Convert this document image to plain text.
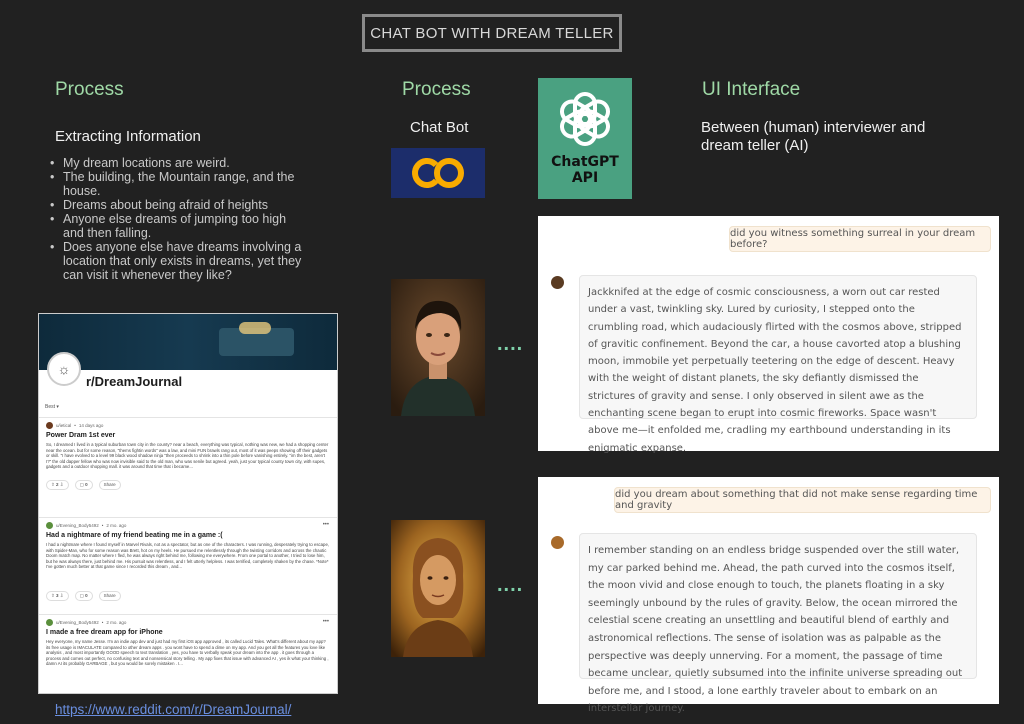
CHAT BOT WITH DREAM TELLER
Process
Extracting Information
• My dream locations are weird.
• The building, the Mountain range, and the house.
• Dreams about being afraid of heights
• Anyone else dreams of jumping too high and then falling.
• Does anyone else have dreams involving a location that only exists in dreams, yet they can visit it whenever they like?
☼
r/DreamJournal
Best ▾
u/ietical • 14 days ago
Power Dram 1st ever
So, I dreamed I lived in a typical suburban town city in the county? near a beach, everything was typical, nothing was new, we had a shopping center near the ocean. but for some reason, "thems fightin words" was a law, and mini FUN brawls rang out, most of it was peeps showing off their gadgets or skill. "I have evolved to a level 99 black wood shadow ninja "then proceeds to shrink into a thin pole before vanishing entirely. "im the best, aren't I?" the old dapper fellow who was now invisible said to the old man, who was senile but agreed. yeah, just your typical county town city, with supes, gadgets and a outdoor shopping mall. it was around that time that i became...
⇧ 2 ⇩	▢ 0	Share
•••
u/Evening_Body5492 • 2 mo. ago
Had a nightmare of my friend beating me in a game :(
I had a nightmare where I found myself in Marvel Rivals, not as a spectator, but as one of the characters. I was running, desperately trying to escape, with Spider-Man, who for some reason was Brett, hot on my heels. He pursued me relentlessly through the twisting corridors and across the chaotic Doom match map. No matter where I fled, he was always right behind me, following me everywhere. From one portal to another, I tried to lose him, but he was always there, just behind me. His pursuit was relentless, and I felt utterly helpless. I was terrified, completely shaken by the chase. *Note* I've gotten much better at that game since I recorded this dream , and...
⇧ 3 ⇩	▢ 0	Share
•••
u/Evening_Body5492 • 2 mo. ago
I made a free dream app for iPhone
Hey everyone, my name Jesse. I'm an indie app dev and just had my first iOS app approved , its called Lucid Tales. What's different about my app? its free usage is IMACULATE compared to other dream apps . you wont have to spend a dime on my app. And you get all the features you love like analysis , and most importantly GOOD speech to text translation , yes, you have to verbally speak your dream into the app . it goes through a process and comes out perfect, no confusing text and nonsensical story telling . My app fixes that issue with advanced AI , yes ik what your thinking , damn AI its probably GARBAGE , but you would be sorely mistaken . I...
https://www.reddit.com/r/DreamJournal/
Process
Chat Bot
ChatGPT
API
....
....
UI Interface
Between (human) interviewer and dream teller (AI)
did you witness something surreal in your dream before?
Jackknifed at the edge of cosmic consciousness, a worn out car rested under a vast, twinkling sky. Lured by curiosity, I stepped onto the crumbling road, which audaciously flirted with the cosmos above, stripped of gravitic confinement. Beyond the car, a house cavorted atop a blushing moon, immobile yet perpetually teetering on the edge of descent. Heavy with the weight of distant planets, the sky defiantly dismissed the strictures of gravity and sense. I only observed in silent awe as the enchanting scene began to erupt into cosmic fireworks. Space wasn't above me—it enfolded me, cradling my earthbound understanding in its enigmatic expanse.
did you dream about something that did not make sense regarding time and gravity
I remember standing on an endless bridge suspended over the still water, my car parked behind me. Ahead, the path curved into the cosmos itself, the moon vivid and close enough to touch, the planets floating in a sky seemingly unbound by the rules of gravity. Below, the ocean mirrored the celestial scene creating an unsettling and beautiful blend of earthly and astronomical reflections. The sense of isolation was as palpable as the perspective was deeply unnerving. For a moment, the passage of time became unclear, quietly subsumed into the infinite universe spreading out before me, and I stood, a lone earthly traveler about to embark on an interstellar journey.
